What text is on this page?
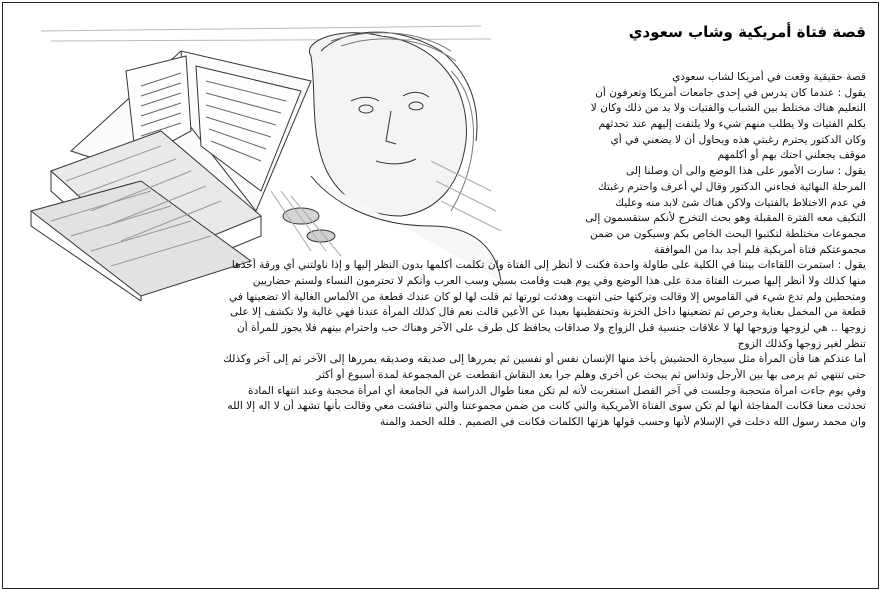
قصة فتاة أمريكية وشاب سعودي
قصة حقيقية وقعت في أمريكا لشاب سعودي
يقول : عندما كان يدرس في إحدى جامعات أمريكا وتعرفون أن
التعليم هناك مختلط بين الشباب والفتيات ولا بد من ذلك وكان لا
يكلم الفتيات ولا يطلب منهم شيء ولا يلتفت إليهم عند تحدثهم
وكان الدكتور يحترم رغبتي هذه ويحاول أن لا يضعني في أي
موقف يجعلني احتك بهم أو أكلمهم
يقول : سارت الأمور على هذا الوضع والى أن وصلنا إلى
المرحلة النهائية فجاءني الدكتور وقال لي أعرف واحترم رغبتك
في عدم الاختلاط بالفتيات ولاكن هناك شئ لابد منه وعليك
التكيف معه الفترة المقبلة وهو بحث التخرج لأنكم ستقسمون إلى
مجموعات مختلطة لتكتبوا البحث الخاص بكم وسيكون من ضمن
مجموعتكم فتاة أمريكية فلم أجد بدا من الموافقة
يقول : استمرت اللقاءات بيننا في الكلية على طاولة واحدة فكنت لا أنظر إلى الفتاة وان تكلمت أكلمها بدون النظر إليها و إذا ناولتني أي ورقة أخذها
منها كذلك ولا أنظر إليها صبرت الفتاة مدة على هذا الوضع وفي يوم هبت وقامت بسبي وسب العرب وأنكم لا تحترمون النساء ولستم حضاريين
ومتحطين ولم تدع شيء في القاموس إلا وقالت وتركتها حتى انتهت وهدئت ثورتها ثم قلت لها لو كان عندك قطعة من الألماس الغالية ألا تضعينها في
قطعة من المخمل بعناية وحرص ثم تضعينها داخل الخزنة وتحتفظينها بعيدا عن الأعين قالت نعم قال كذلك المرأة عندنا فهي غالية ولا تكشف إلا على
زوجها .. هي لزوجها وزوجها لها لا علاقات جنسية قبل الزواج ولا صداقات يحافظ كل طرف على الآخر وهناك حب واحترام بينهم فلا يجوز للمرأة أن
تنظر لغير زوجها وكذلك الزوج
أما عندكم هنا فأن المرأة مثل سيجارة الحشيش يأخذ منها الإنسان نفس أو نفسين ثم يمررها إلى صديقه وصديقه يمررها إلى الآخر ثم إلى آخر وكذلك
حتى تنتهي ثم يرمى بها بين الأرجل وتداس ثم يبحث عن أخرى وهلم جرا بعد النقاش انقطعت عن المجموعة لمدة أسبوع أو أكثر
وفي يوم جاءت امرأة متحجبة وجلست في آخر الفصل استغربت لأنه لم تكن معنا طوال الدراسة في الجامعة أي امرأة محجبة وعند انتهاء المادة
تحدثت معنا فكانت المفاجئة أنها لم تكن سوى الفتاة الأمريكية والتي كانت من ضمن مجموعتنا والتي تناقشت معي وقالت بأنها تشهد أن لا اله إلا الله
وان محمد رسول الله دخلت في الإسلام لأنها وحسب قولها هزتها الكلمات فكانت في الصميم . فلله الحمد والمنة
